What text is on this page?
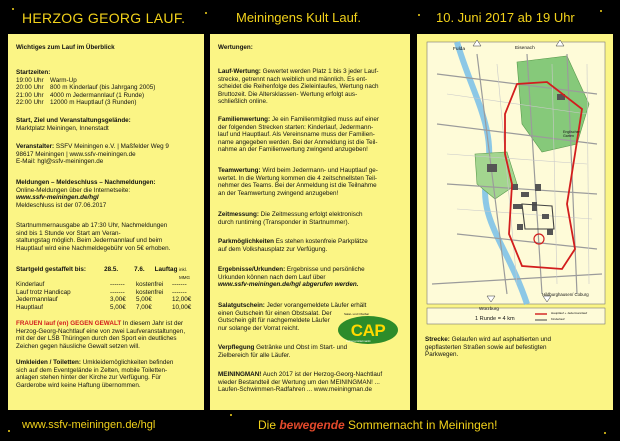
HERZOG GEORG LAUF.	Meiningens Kult Lauf.	10. Juni 2017 ab 19 Uhr
Wichtiges zum Lauf im Überblick
Startzeiten:
19:00 Uhr	Warm-Up
20:00 Uhr	800 m Kinderlauf (bis Jahrgang 2005)
21:00 Uhr	4000 m Jedermannlauf (1 Runde)
22:00 Uhr	12000 m Hauptlauf (3 Runden)
Start, Ziel und Veranstaltungsgelände:
Marktplatz Meiningen, Innenstadt
Veranstalter: SSFV Meiningen e.V. | Maßfelder Weg 9
98617 Meiningen | www.ssfv-meiningen.de
E-Mail: hgl@ssfv-meiningen.de
Meldungen – Meldeschluss – Nachmeldungen:
Online-Meldungen über die Internetseite:
www.ssfv-meiningen.de/hgl
Meldeschluss ist der 07.06.2017
Startnummernausgabe ab 17:30 Uhr, Nachmeldungen
sind bis 1 Stunde vor Start am Veran-
staltungstag möglich. Beim Jedermannlauf und beim
Hauptlauf wird eine Nachmeldegebühr von 5€ erhoben.
Startgeld gestaffelt bis:	28.5.	7.6.	Lauftag inkl. MMG
Kinderlauf	-------	kostenfrei	-------
Lauf trotz Handicap	-------	kostenfrei	-------
Jedermannlauf	3,00€	5,00€	12,00€
Hauptlauf	5,00€	7,00€	10,00€
FRAUEN lauf (en) GEGEN GEWALT In diesem Jahr ist der
Herzog-Georg-Nachtlauf eine von zwei Laufveranstaltungen,
mit der der LSB Thüringen durch den Sport ein deutliches
Zeichen gegen häusliche Gewalt setzen will.
Umkleiden / Toiletten: Umkleidemöglichkeiten befinden
sich auf dem Eventgelände in Zelten, mobile Toiletten-
anlagen stehen hinter der Kirche zur Verfügung. Für
Garderobe wird keine Haftung übernommen.
Wertungen:
Lauf-Wertung: Gewertet werden Platz 1 bis 3 jeder Lauf-
strecke, getrennt nach weiblich und männlich. Es ent-
scheidet die Reihenfolge des Zieleinlaufes, Wertung nach
Bruttozeit. Die Altersklassen- Wertung erfolgt aus-
schließlich online.
Familienwertung: Je ein Familienmitglied muss auf einer
der folgenden Strecken starten: Kinderlauf, Jedermann-
lauf und Hauptlauf. Als Vereinsname muss der Familien-
name angegeben werden. Bei der Anmeldung ist die Teil-
nahme an der Familienwertung zwingend anzugeben!
Teamwertung: Wird beim Jedermann- und Hauptlauf ge-
wertet. In die Wertung kommen die 4 zeitschnellsten Teil-
nehmer des Teams. Bei der Anmeldung ist die Teilnahme
an der Teamwertung zwingend anzugeben!
Zeitmessung: Die Zeitmessung erfolgt elektronisch
durch runtiming (Transponder in Startnummer).
Parkmöglichkeiten Es stehen kostenfreie Parkplätze
auf dem Volkshausplatz zur Verfügung.
Ergebnisse/Urkunden: Ergebnisse und persönliche
Urkunden können nach dem Lauf über
www.ssfv-meiningen.de/hgl abgerufen werden.
Salatgutschein: Jeder vorangemeldete Läufer erhält
einen Gutschein für einen Obstsalat. Der
Gutschein gilt für nachgemeldete Läufer
nur solange der Vorrat reicht.	CAP
Salat- und Obstbar
Lebensmittelmarkt
Verpflegung Getränke und Obst im Start- und
Zielbereich für alle Läufer.
MEININGMAN! Auch 2017 ist der Herzog-Georg-Nachtlauf
wieder Bestandteil der Wertung um den MEININGMAN! ...
Laufen-Schwimmen-Radfahren ... www.meiningman.de
Fulda	Eisenach
Englischer Garten
Würzburg
Hildburghausen/ Coburg
1 Runde = 4 km
Hauptlauf + Jedermannlauf
Kinderlauf
Strecke: Gelaufen wird auf asphaltierten und
gepflasterten Straßen sowie auf befestigten
Parkwegen.
www.ssfv-meiningen.de/hgl	Die bewegende Sommernacht in Meiningen!
